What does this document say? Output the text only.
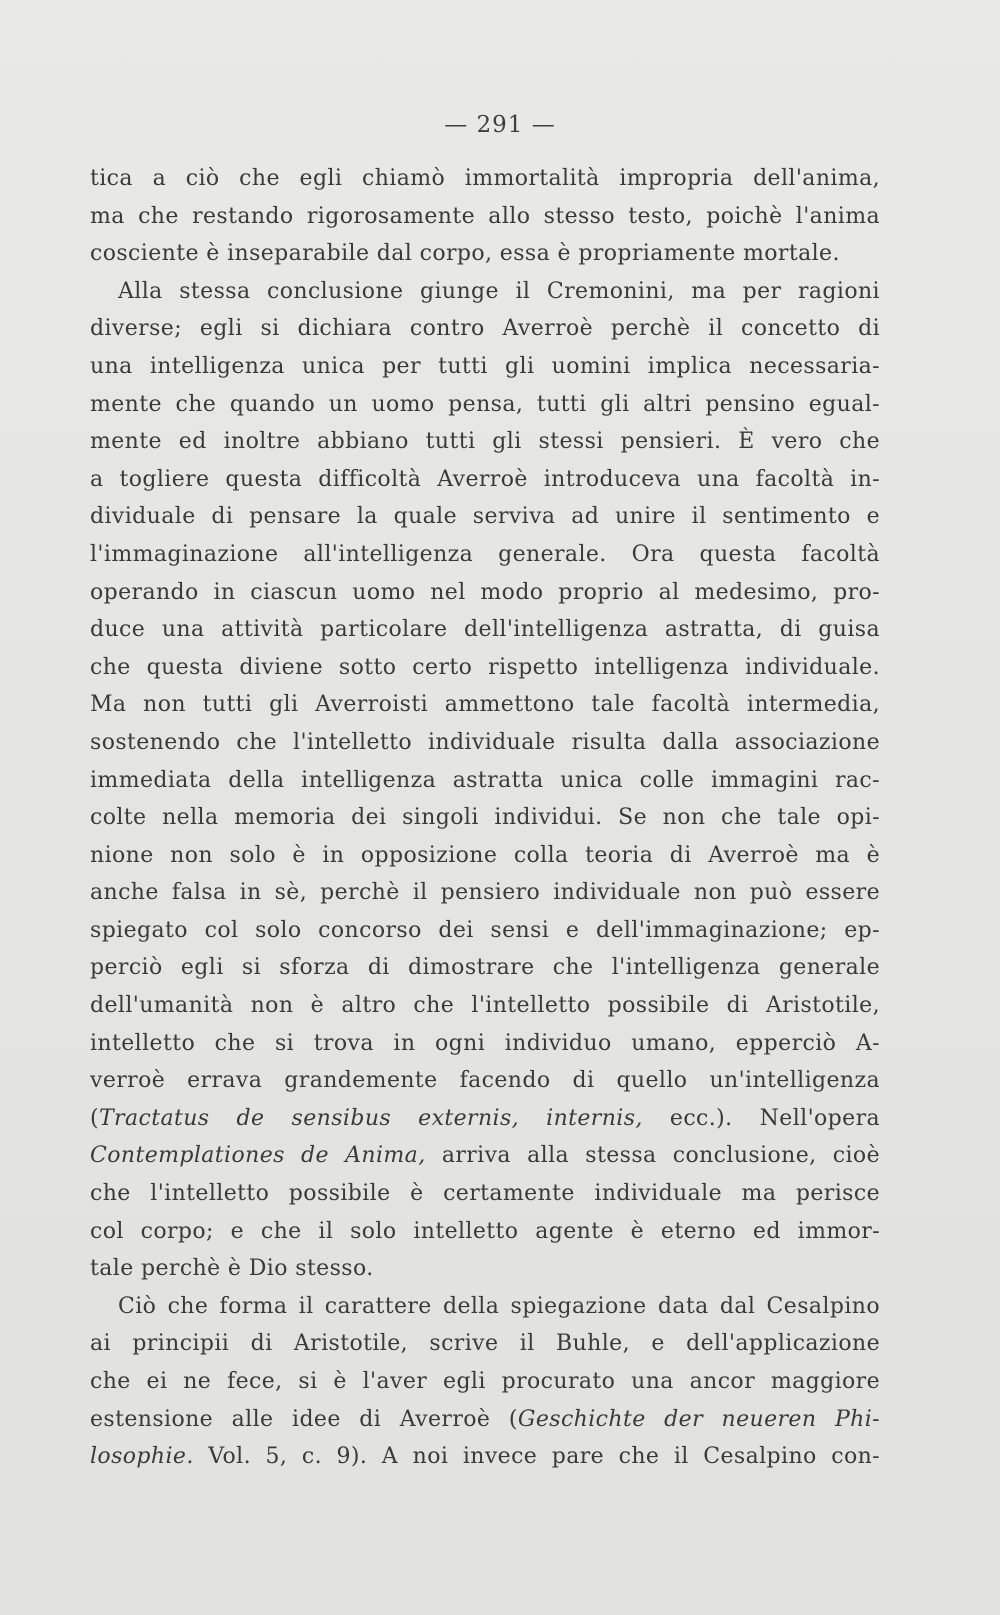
— 291 —
tica a ciò che egli chiamò immortalità impropria dell'anima,
ma che restando rigorosamente allo stesso testo, poichè l'anima
cosciente è inseparabile dal corpo, essa è propriamente mortale.
Alla stessa conclusione giunge il Cremonini, ma per ragioni
diverse; egli si dichiara contro Averroè perchè il concetto di
una intelligenza unica per tutti gli uomini implica necessaria-
mente che quando un uomo pensa, tutti gli altri pensino egual-
mente ed inoltre abbiano tutti gli stessi pensieri. È vero che
a togliere questa difficoltà Averroè introduceva una facoltà in-
dividuale di pensare la quale serviva ad unire il sentimento e
l'immaginazione all'intelligenza generale. Ora questa facoltà
operando in ciascun uomo nel modo proprio al medesimo, pro-
duce una attività particolare dell'intelligenza astratta, di guisa
che questa diviene sotto certo rispetto intelligenza individuale.
Ma non tutti gli Averroisti ammettono tale facoltà intermedia,
sostenendo che l'intelletto individuale risulta dalla associazione
immediata della intelligenza astratta unica colle immagini rac-
colte nella memoria dei singoli individui. Se non che tale opi-
nione non solo è in opposizione colla teoria di Averroè ma è
anche falsa in sè, perchè il pensiero individuale non può essere
spiegato col solo concorso dei sensi e dell'immaginazione; ep-
perciò egli si sforza di dimostrare che l'intelligenza generale
dell'umanità non è altro che l'intelletto possibile di Aristotile,
intelletto che si trova in ogni individuo umano, epperciò A-
verroè errava grandemente facendo di quello un'intelligenza
(Tractatus de sensibus externis, internis, ecc.). Nell'opera
Contemplationes de Anima, arriva alla stessa conclusione, cioè
che l'intelletto possibile è certamente individuale ma perisce
col corpo; e che il solo intelletto agente è eterno ed immor-
tale perchè è Dio stesso.
Ciò che forma il carattere della spiegazione data dal Cesalpino
ai principii di Aristotile, scrive il Buhle, e dell'applicazione
che ei ne fece, si è l'aver egli procurato una ancor maggiore
estensione alle idee di Averroè (Geschichte der neueren Phi-
losophie. Vol. 5, c. 9). A noi invece pare che il Cesalpino con-
